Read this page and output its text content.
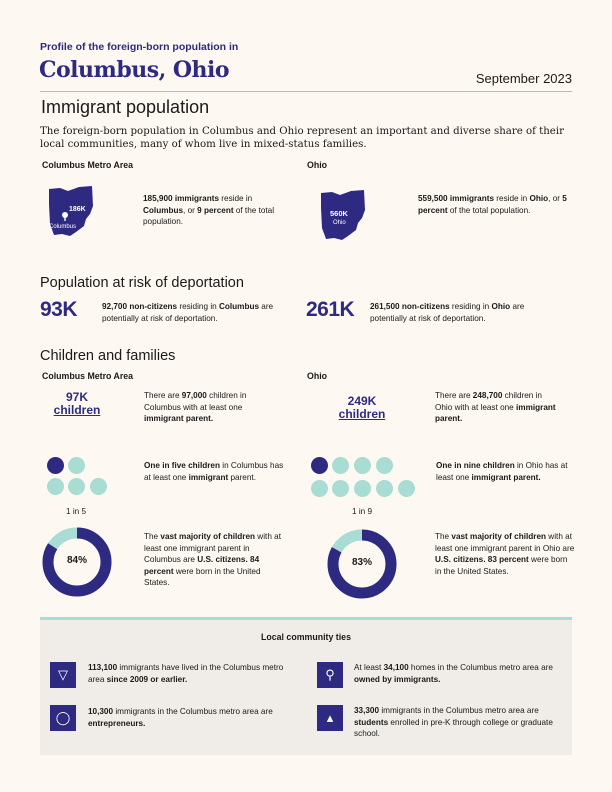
Profile of the foreign-born population in
Columbus, Ohio	September 2023
Immigrant population
The foreign-born population in Columbus and Ohio represent an important and diverse share of their local communities, many of whom live in mixed-status families.
Columbus Metro Area	Ohio
186K
Columbus
185,900 immigrants reside in Columbus, or 9 percent of the total population.
560K
Ohio
559,500 immigrants reside in Ohio, or 5 percent of the total population.
Population at risk of deportation
93K	92,700 non-citizens residing in Columbus are potentially at risk of deportation.	261K 261,500 non-citizens residing in Ohio are potentially at risk of deportation.
Children and families
Columbus Metro Area	Ohio
97K
children
There are 97,000 children in Columbus with at least one immigrant parent.
249K
children
There are 248,700 children in Ohio with at least one immigrant parent.
One in five children in Columbus has at least one immigrant parent.
1 in 5
One in nine children in Ohio has at least one immigrant parent.
1 in 9
84%
The vast majority of children with at least one immigrant parent in Columbus are U.S. citizens. 84 percent were born in the United States.
83%
The vast majority of children with at least one immigrant parent in Ohio are U.S. citizens. 83 percent were born in the United States.
Local community ties
▽	113,100 immigrants have lived in the Columbus metro area since 2009 or earlier.	⚲	At least 34,100 homes in the Columbus metro area are owned by immigrants.
◯	10,300 immigrants in the Columbus metro area are entrepreneurs.	▴	33,300 immigrants in the Columbus metro area are students enrolled in pre-K through college or graduate school.
